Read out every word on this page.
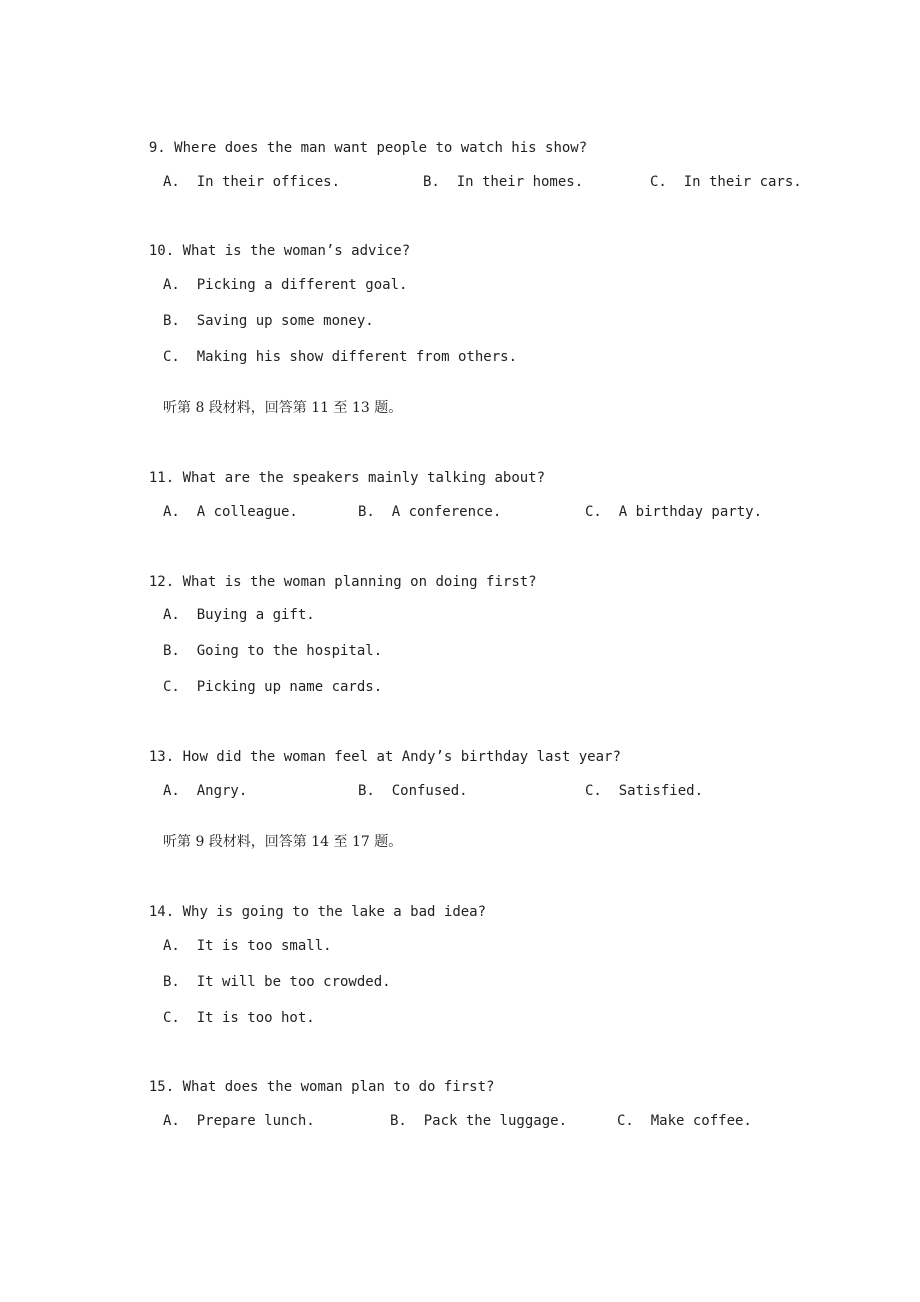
9. Where does the man want people to watch his show?

A.  In their offices.	B.  In their homes.	C.  In their cars.

10. What is the woman’s advice?

A.  Picking a different goal.
B.  Saving up some money.
C.  Making his show different from others.
听第 8 段材料，回答第 11 至 13 题。

11. What are the speakers mainly talking about?

A.  A colleague.	B.  A conference.	C.  A birthday party.

12. What is the woman planning on doing first?

A.  Buying a gift.
B.  Going to the hospital.
C.  Picking up name cards.

13. How did the woman feel at Andy’s birthday last year?

A.  Angry.	B.  Confused.	C.  Satisfied.
听第 9 段材料，回答第 14 至 17 题。

14. Why is going to the lake a bad idea?

A.  It is too small.
B.  It will be too crowded.
C.  It is too hot.

15. What does the woman plan to do first?

A.  Prepare lunch.	B.  Pack the luggage.	C.  Make coffee.
